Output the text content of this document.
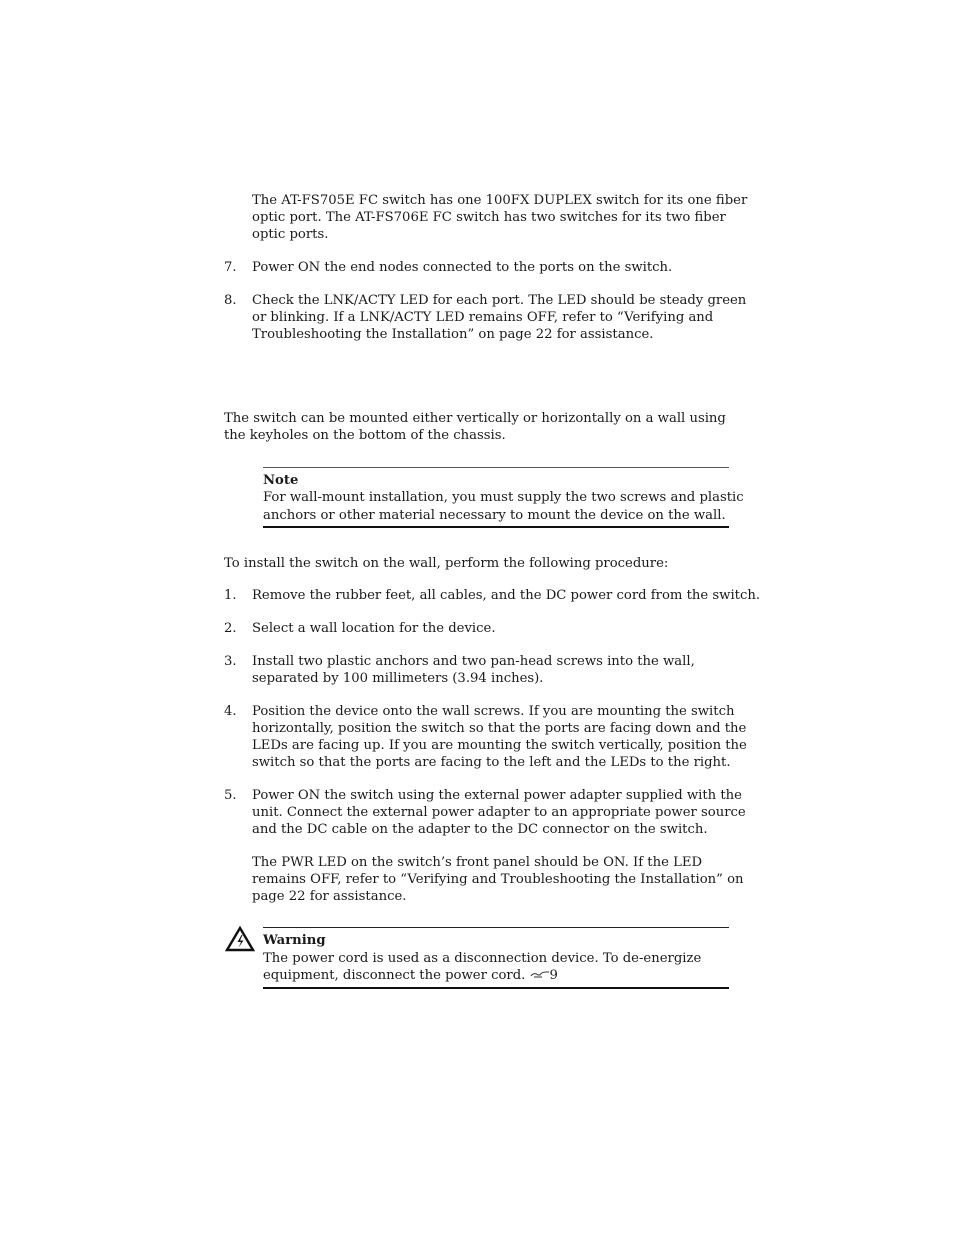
The AT-FS705E FC switch has one 100FX DUPLEX switch for its one fiber
optic port. The AT-FS706E FC switch has two switches for its two fiber
optic ports.
7. Power ON the end nodes connected to the ports on the switch.
8. Check the LNK/ACTY LED for each port. The LED should be steady green
or blinking. If a LNK/ACTY LED remains OFF, refer to “Verifying and
Troubleshooting the Installation” on page 22 for assistance.
The switch can be mounted either vertically or horizontally on a wall using
the keyholes on the bottom of the chassis.
Note
For wall-mount installation, you must supply the two screws and plastic
anchors or other material necessary to mount the device on the wall.
To install the switch on the wall, perform the following procedure:
1. Remove the rubber feet, all cables, and the DC power cord from the switch.
2. Select a wall location for the device.
3. Install two plastic anchors and two pan-head screws into the wall,
separated by 100 millimeters (3.94 inches).
4. Position the device onto the wall screws. If you are mounting the switch
horizontally, position the switch so that the ports are facing down and the
LEDs are facing up. If you are mounting the switch vertically, position the
switch so that the ports are facing to the left and the LEDs to the right.
5. Power ON the switch using the external power adapter supplied with the
unit. Connect the external power adapter to an appropriate power source
and the DC cable on the adapter to the DC connector on the switch.
The PWR LED on the switch’s front panel should be ON. If the LED
remains OFF, refer to “Verifying and Troubleshooting the Installation” on
page 22 for assistance.
Warning
The power cord is used as a disconnection device. To de-energize
equipment, disconnect the power cord. 9
